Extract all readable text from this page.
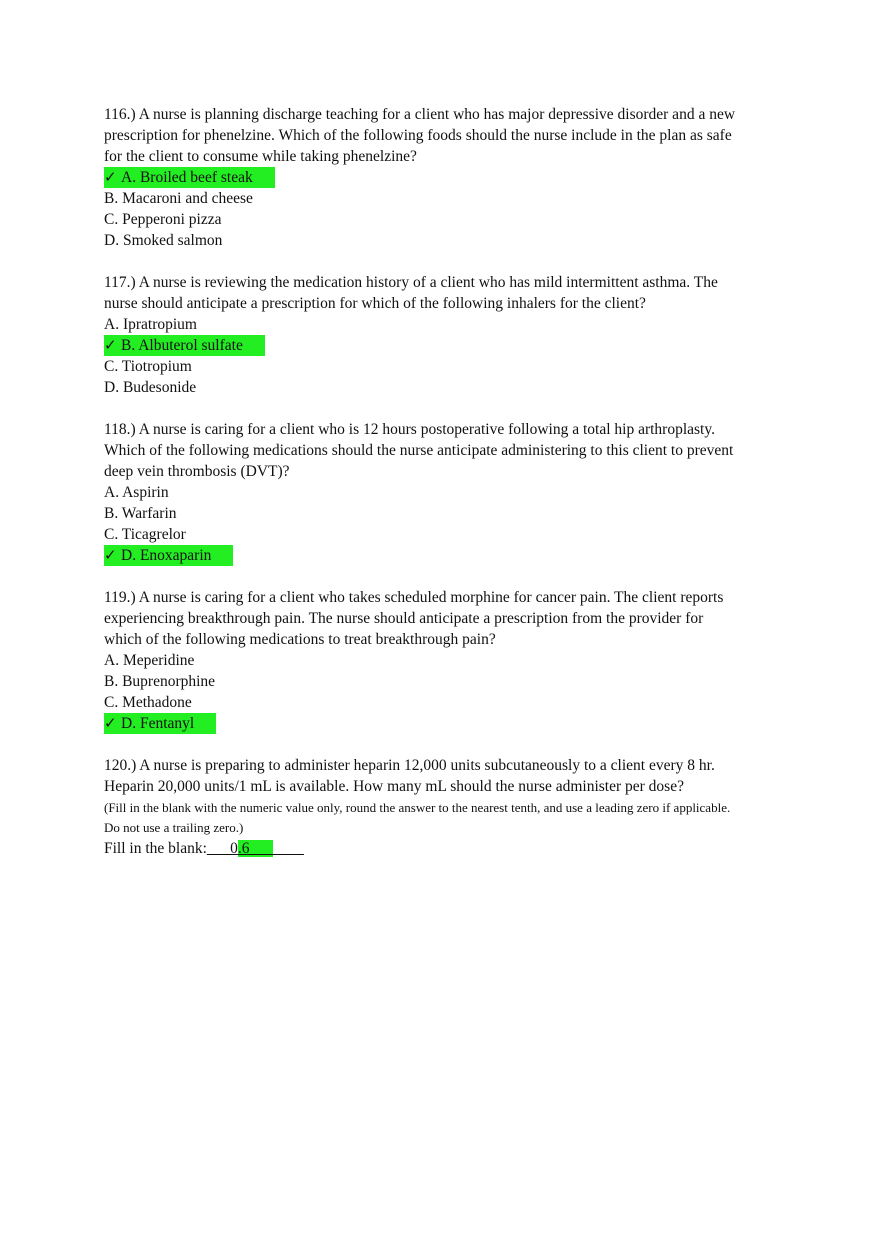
116.) A nurse is planning discharge teaching for a client who has major depressive disorder and a new prescription for phenelzine. Which of the following foods should the nurse include in the plan as safe for the client to consume while taking phenelzine?

✓ A. Broiled beef steak

B. Macaroni and cheese

C. Pepperoni pizza

D. Smoked salmon

117.) A nurse is reviewing the medication history of a client who has mild intermittent asthma. The nurse should anticipate a prescription for which of the following inhalers for the client?

A. Ipratropium

✓ B. Albuterol sulfate

C. Tiotropium

D. Budesonide

118.) A nurse is caring for a client who is 12 hours postoperative following a total hip arthroplasty. Which of the following medications should the nurse anticipate administering to this client to prevent deep vein thrombosis (DVT)?

A. Aspirin

B. Warfarin

C. Ticagrelor

✓ D. Enoxaparin

119.) A nurse is caring for a client who takes scheduled morphine for cancer pain. The client reports experiencing breakthrough pain. The nurse should anticipate a prescription from the provider for which of the following medications to treat breakthrough pain?

A. Meperidine

B. Buprenorphine

C. Methadone

✓ D. Fentanyl

120.) A nurse is preparing to administer heparin 12,000 units subcutaneously to a client every 8 hr. Heparin 20,000 units/1 mL is available. How many mL should the nurse administer per dose?

(Fill in the blank with the numeric value only, round the answer to the nearest tenth, and use a leading zero if applicable. Do not use a trailing zero.)

Fill in the blank:___0.6_______
